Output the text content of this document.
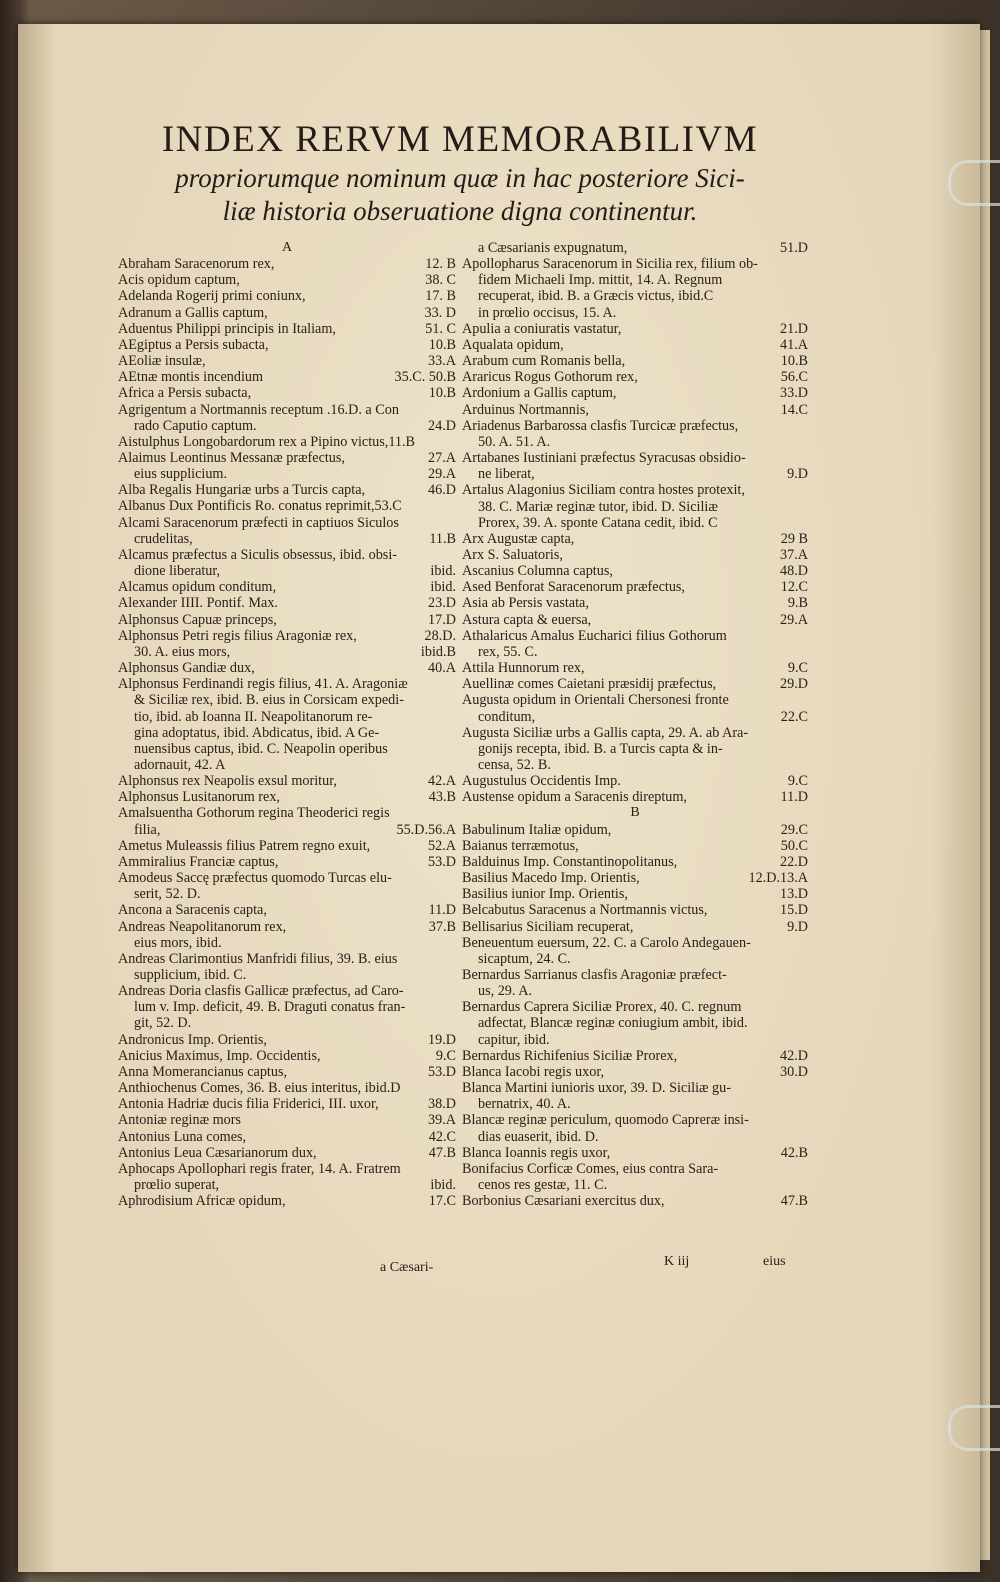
INDEX RERVM MEMORABILIVM
propriorumque nominum quæ in hac posteriore Sici-
liæ historia obseruatione digna continentur.
A
Abraham Saracenorum rex,	12. B
Acis opidum captum,	38. C
Adelanda Rogerij primi coniunx,	17. B
Adranum a Gallis captum,	33. D
Aduentus Philippi principis in Italiam,	51. C
AEgiptus a Persis subacta,	10.B
AEoliæ insulæ,	33.A
AEtnæ montis incendium	35.C. 50.B
Africa a Persis subacta,	10.B
Agrigentum a Nortmannis receptum .16.D. a Con
rado Caputio captum.	24.D
Aistulphus Longobardorum rex a Pipino victus,11.B
Alaimus Leontinus Messanæ præfectus,	27.A
eius supplicium.	29.A
Alba Regalis Hungariæ urbs a Turcis capta,	46.D
Albanus Dux Pontificis Ro. conatus reprimit,53.C
Alcami Saracenorum præfecti in captiuos Siculos
crudelitas,	11.B
Alcamus præfectus a Siculis obsessus, ibid. obsi-
dione liberatur,	ibid.
Alcamus opidum conditum,	ibid.
Alexander IIII. Pontif. Max.	23.D
Alphonsus Capuæ princeps,	17.D
Alphonsus Petri regis filius Aragoniæ rex,	28.D.
30. A. eius mors,	ibid.B
Alphonsus Gandiæ dux,	40.A
Alphonsus Ferdinandi regis filius, 41. A. Aragoniæ
& Siciliæ rex, ibid. B. eius in Corsicam expedi-
tio, ibid. ab Ioanna II. Neapolitanorum re-
gina adoptatus, ibid. Abdicatus, ibid. A Ge-
nuensibus captus, ibid. C. Neapolin operibus
adornauit, 42. A
Alphonsus rex Neapolis exsul moritur,	42.A
Alphonsus Lusitanorum rex,	43.B
Amalsuentha Gothorum regina Theoderici regis
filia,	55.D.56.A
Ametus Muleassis filius Patrem regno exuit,	52.A
Ammiralius Franciæ captus,	53.D
Amodeus Saccę præfectus quomodo Turcas elu-
serit, 52. D.
Ancona a Saracenis capta,	11.D
Andreas Neapolitanorum rex,	37.B
eius mors, ibid.
Andreas Clarimontius Manfridi filius, 39. B. eius
supplicium, ibid. C.
Andreas Doria clasfis Gallicæ præfectus, ad Caro-
lum v. Imp. deficit, 49. B. Draguti conatus fran-
git, 52. D.
Andronicus Imp. Orientis,	19.D
Anicius Maximus, Imp. Occidentis,	9.C
Anna Momerancianus captus,	53.D
Anthiochenus Comes, 36. B. eius interitus, ibid.D
Antonia Hadriæ ducis filia Friderici, III. uxor,	38.D
Antoniæ reginæ mors	39.A
Antonius Luna comes,	42.C
Antonius Leua Cæsarianorum dux,	47.B
Aphocaps Apollophari regis frater, 14. A. Fratrem
prœlio superat,	ibid.
Aphrodisium Africæ opidum,	17.C
a Cæsarianis expugnatum,	51.D
Apollopharus Saracenorum in Sicilia rex, filium ob-
fidem Michaeli Imp. mittit, 14. A. Regnum
recuperat, ibid. B. a Græcis victus, ibid.C
in prœlio occisus, 15. A.
Apulia a coniuratis vastatur,	21.D
Aqualata opidum,	41.A
Arabum cum Romanis bella,	10.B
Araricus Rogus Gothorum rex,	56.C
Ardonium a Gallis captum,	33.D
Arduinus Nortmannis,	14.C
Ariadenus Barbarossa clasfis Turcicæ præfectus,
50. A. 51. A.
Artabanes Iustiniani præfectus Syracusas obsidio-
ne liberat,	9.D
Artalus Alagonius Siciliam contra hostes protexit,
38. C. Mariæ reginæ tutor, ibid. D. Siciliæ
Prorex, 39. A. sponte Catana cedit, ibid. C
Arx Augustæ capta,	29 B
Arx S. Saluatoris,	37.A
Ascanius Columna captus,	48.D
Ased Benforat Saracenorum præfectus,	12.C
Asia ab Persis vastata,	9.B
Astura capta & euersa,	29.A
Athalaricus Amalus Eucharici filius Gothorum
rex, 55. C.
Attila Hunnorum rex,	9.C
Auellinæ comes Caietani præsidij præfectus,	29.D
Augusta opidum in Orientali Chersonesi fronte
conditum,	22.C
Augusta Siciliæ urbs a Gallis capta, 29. A. ab Ara-
gonijs recepta, ibid. B. a Turcis capta & in-
censa, 52. B.
Augustulus Occidentis Imp.	9.C
Austense opidum a Saracenis direptum,	11.D
B
Babulinum Italiæ opidum,	29.C
Baianus terræmotus,	50.C
Balduinus Imp. Constantinopolitanus,	22.D
Basilius Macedo Imp. Orientis,	12.D.13.A
Basilius iunior Imp. Orientis,	13.D
Belcabutus Saracenus a Nortmannis victus,	15.D
Bellisarius Siciliam recuperat,	9.D
Beneuentum euersum, 22. C. a Carolo Andegauen-
sicaptum, 24. C.
Bernardus Sarrianus clasfis Aragoniæ præfect-
us, 29. A.
Bernardus Caprera Siciliæ Prorex, 40. C. regnum
adfectat, Blancæ reginæ coniugium ambit, ibid.
capitur, ibid.
Bernardus Richifenius Siciliæ Prorex,	42.D
Blanca Iacobi regis uxor,	30.D
Blanca Martini iunioris uxor, 39. D. Siciliæ gu-
bernatrix, 40. A.
Blancæ reginæ periculum, quomodo Capreræ insi-
dias euaserit, ibid. D.
Blanca Ioannis regis uxor,	42.B
Bonifacius Corficæ Comes, eius contra Sara-
cenos res gestæ, 11. C.
Borbonius Cæsariani exercitus dux,	47.B
a Cæsari-	K iij	eius
